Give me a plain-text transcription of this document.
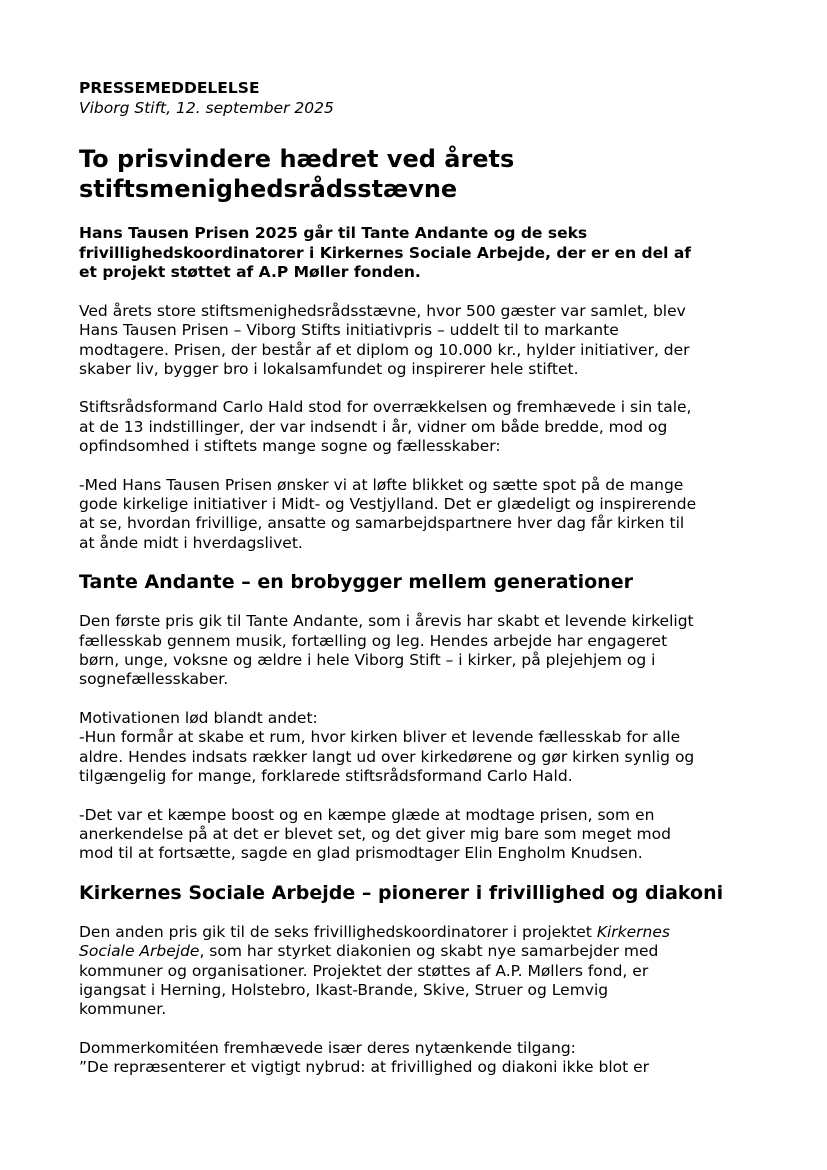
PRESSEMEDDELELSE

Viborg Stift, 12. september 2025

To prisvindere hædret ved årets
stiftsmenighedsrådsstævne

Hans Tausen Prisen 2025 går til Tante Andante og de seks
frivillighedskoordinatorer i Kirkernes Sociale Arbejde, der er en del af
et projekt støttet af A.P Møller fonden.

Ved årets store stiftsmenighedsrådsstævne, hvor 500 gæster var samlet, blev
Hans Tausen Prisen – Viborg Stifts initiativpris – uddelt til to markante
modtagere. Prisen, der består af et diplom og 10.000 kr., hylder initiativer, der
skaber liv, bygger bro i lokalsamfundet og inspirerer hele stiftet.

Stiftsrådsformand Carlo Hald stod for overrækkelsen og fremhævede i sin tale,
at de 13 indstillinger, der var indsendt i år, vidner om både bredde, mod og
opfindsomhed i stiftets mange sogne og fællesskaber:

-Med Hans Tausen Prisen ønsker vi at løfte blikket og sætte spot på de mange
gode kirkelige initiativer i Midt- og Vestjylland. Det er glædeligt og inspirerende
at se, hvordan frivillige, ansatte og samarbejdspartnere hver dag får kirken til
at ånde midt i hverdagslivet.

Tante Andante – en brobygger mellem generationer

Den første pris gik til Tante Andante, som i årevis har skabt et levende kirkeligt
fællesskab gennem musik, fortælling og leg. Hendes arbejde har engageret
børn, unge, voksne og ældre i hele Viborg Stift – i kirker, på plejehjem og i
sognefællesskaber.

Motivationen lød blandt andet:
-Hun formår at skabe et rum, hvor kirken bliver et levende fællesskab for alle
aldre. Hendes indsats rækker langt ud over kirkedørene og gør kirken synlig og
tilgængelig for mange, forklarede stiftsrådsformand Carlo Hald.

-Det var et kæmpe boost og en kæmpe glæde at modtage prisen, som en
anerkendelse på at det er blevet set, og det giver mig bare som meget mod
mod til at fortsætte, sagde en glad prismodtager Elin Engholm Knudsen.

Kirkernes Sociale Arbejde – pionerer i frivillighed og diakoni

Den anden pris gik til de seks frivillighedskoordinatorer i projektet Kirkernes
Sociale Arbejde, som har styrket diakonien og skabt nye samarbejder med
kommuner og organisationer. Projektet der støttes af A.P. Møllers fond, er
igangsat i Herning, Holstebro, Ikast-Brande, Skive, Struer og Lemvig
kommuner.

Dommerkomitéen fremhævede især deres nytænkende tilgang:
”De repræsenterer et vigtigt nybrud: at frivillighed og diakoni ikke blot er
